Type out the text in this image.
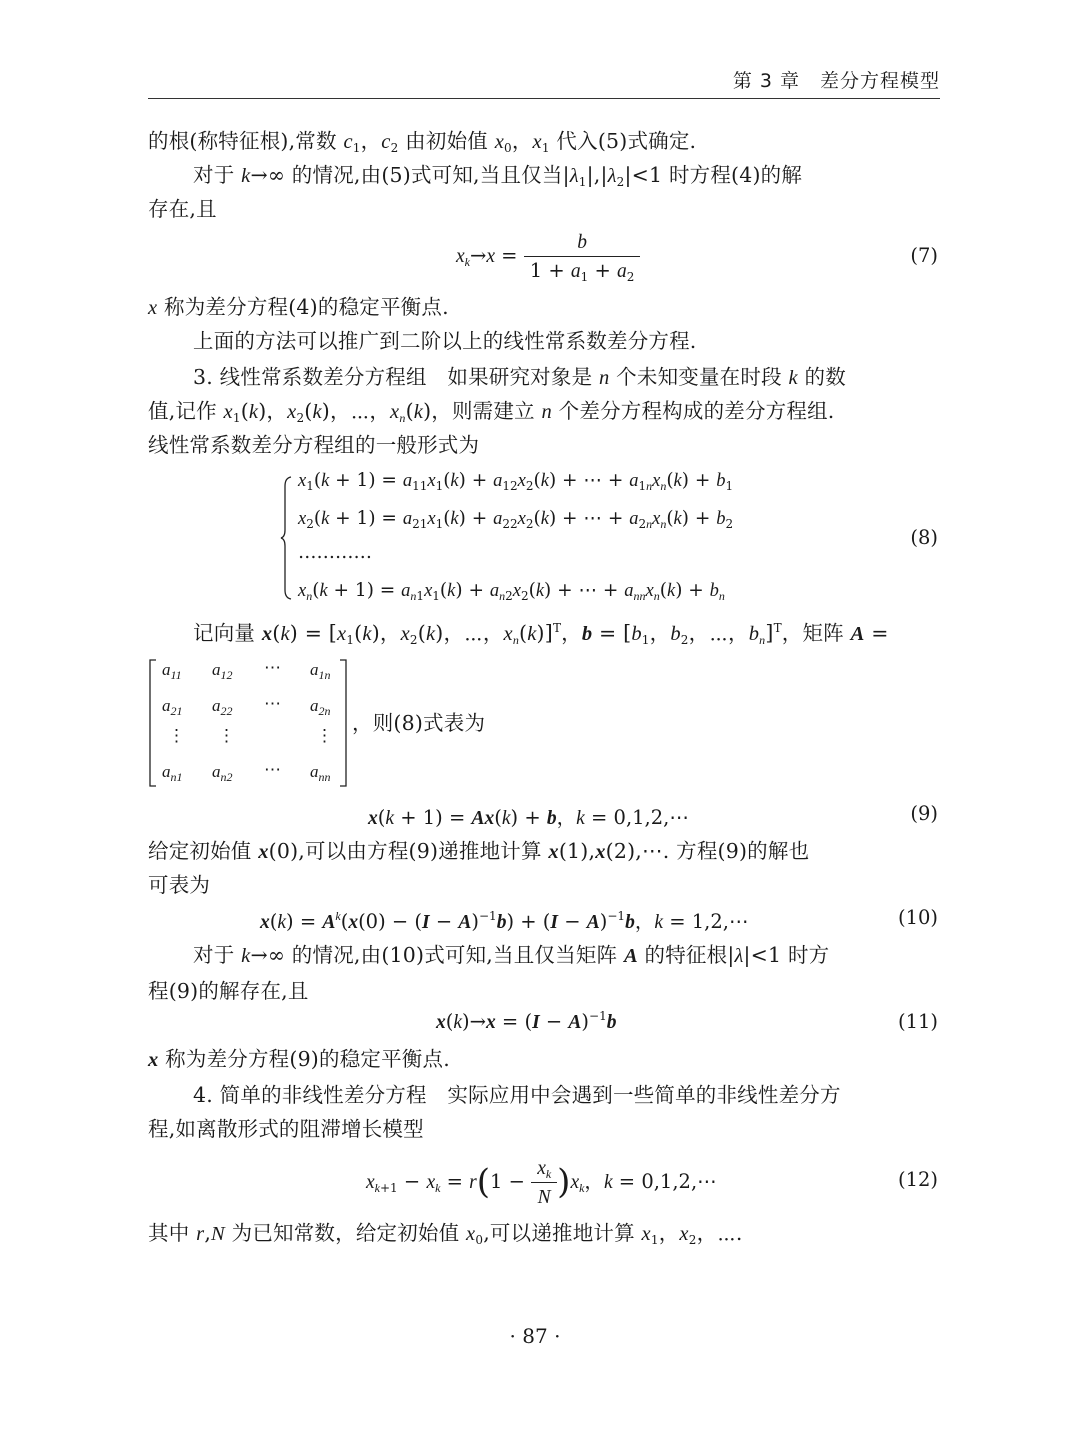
第 3 章　差分方程模型
的根(称特征根),常数 $c_1$，$c_2$ 由初始值 $x_0$，$x_1$ 代入(5)式确定.
对于 k→∞ 的情况,由(5)式可知,当且仅当$|\lambda_1|,|\lambda_2|<1$ 时方程(4)的解
存在,且
$x_k\to x = \frac{b}{1 + a_1 + a_2}$	(7)
x 称为差分方程(4)的稳定平衡点.
上面的方法可以推广到二阶以上的线性常系数差分方程.
3. 线性常系数差分方程组　如果研究对象是 n 个未知变量在时段 k 的数
值,记作 $x_1(k)$，$x_2(k)$，⋯，$x_n(k)$，则需建立 n 个差分方程构成的差分方程组.
线性常系数差分方程组的一般形式为
$x_1(k + 1) = a_{11}x_1(k) + a_{12}x_2(k)$ + ⋯ + $a_{1n}x_n(k) + b_1$
$x_2(k + 1) = a_{21}x_1(k) + a_{22}x_2(k)$ + ⋯ + $a_{2n}x_n(k) + b_2$
…………
$x_n(k + 1) = a_{n1}x_1(k) + a_{n2}x_2(k)$ + ⋯ + $a_{nn}x_n(k) + b_n$
(8)
记向量 $x(k) = [x_1(k)$，$x_2(k)$，⋯，$x_n(k)]^T$，$b = [b_1$，$b_2$，⋯，$b_n]^T$，矩阵 A =
$a_{11}$ $a_{12}$ ⋯ $a_{1n}$
$a_{21}$ $a_{22}$ ⋯ $a_{2n}$
⋮ ⋮	⋮
$a_{n1}$ $a_{n2}$ ⋯ $a_{nn}$
，则(8)式表为
x(k + 1) = Ax(k) + b，k = 0,1,2,⋯	(9)
给定初始值 x(0),可以由方程(9)递推地计算 x(1),x(2),⋯. 方程(9)的解也
可表为
$x(k) = A^k(x(0) - (I - A)^{-1}b) + (I - A)^{-1}b$，k = 1,2,⋯	(10)
对于 k→∞ 的情况,由(10)式可知,当且仅当矩阵 A 的特征根|λ|<1 时方
程(9)的解存在,且
$x(k)\to x = (I - A)^{-1}b$	(11)
x 称为差分方程(9)的稳定平衡点.
4. 简单的非线性差分方程　实际应用中会遇到一些简单的非线性差分方
程,如离散形式的阻滞增长模型
$x_{k+1} - x_k = r(1 - \frac{x_k}{N} )x_k$，k = 0,1,2,⋯	(12)
其中 r,N 为已知常数，给定初始值 $x_0$,可以递推地计算 $x_1$，$x_2$，⋯.
· 87 ·
